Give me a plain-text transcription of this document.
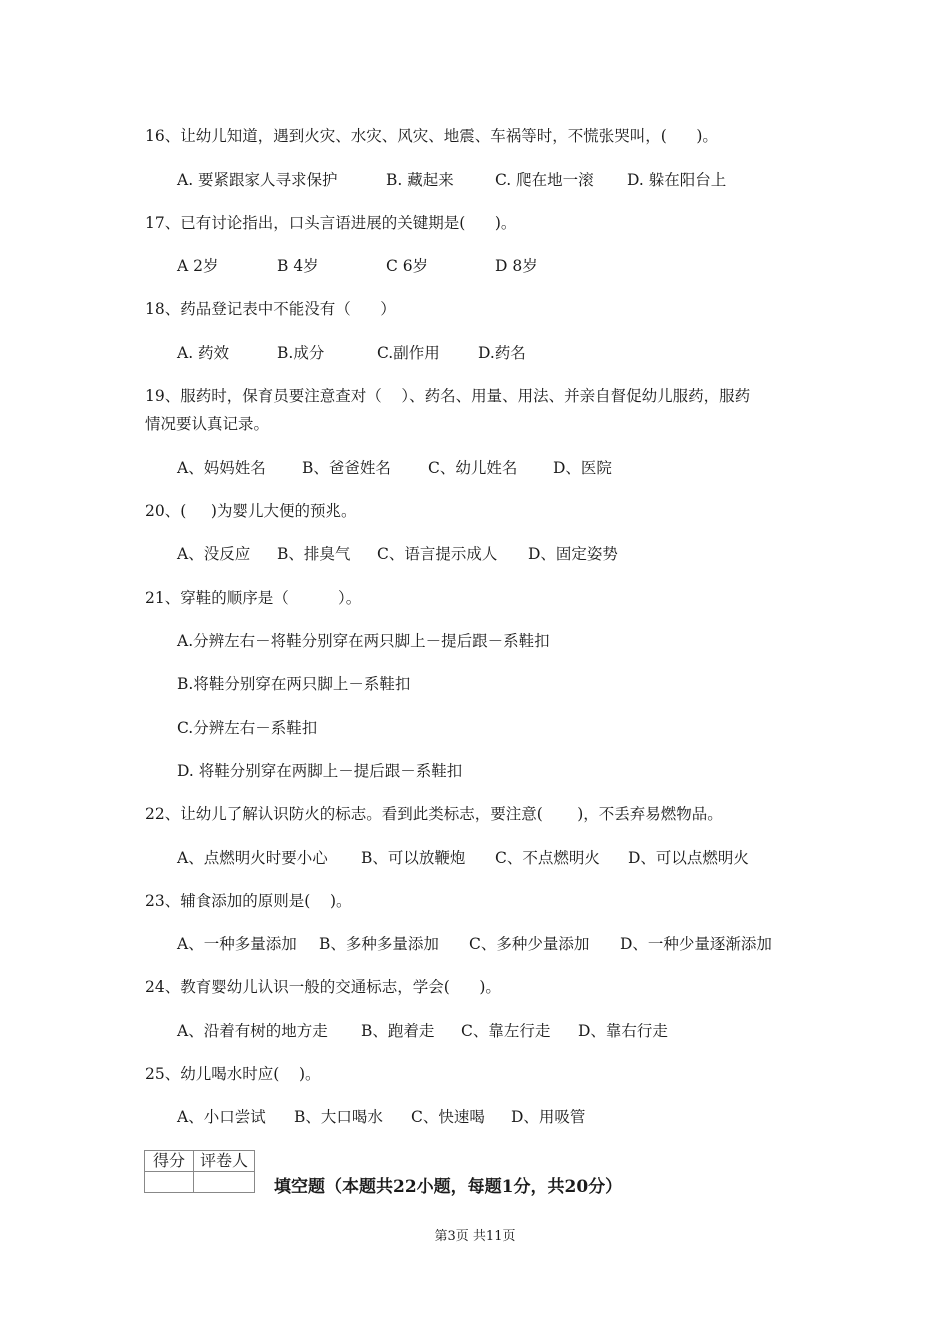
16、让幼儿知道，遇到火灾、水灾、风灾、地震、车祸等时，不慌张哭叫，(      )。

A. 要紧跟家人寻求保护

	B. 藏起来

	C. 爬在地一滚

D. 躲在阳台上

17、已有讨论指出，口头言语进展的关键期是(      )。

A 2岁

	B 4岁

	C 6岁

	D 8岁

18、药品登记表中不能没有（      ）

A. 药效

	B.成分

	C.副作用

D.药名

19、服药时，保育员要注意查对（    ）、药名、用量、用法、并亲自督促幼儿服药，服药
情况要认真记录。

A、妈妈姓名

B、爸爸姓名

C、幼儿姓名

D、医院

20、(     )为婴儿大便的预兆。

A、没反应

B、排臭气

C、语言提示成人

D、固定姿势

21、穿鞋的顺序是（          ）。
A.分辨左右－将鞋分别穿在两只脚上－提后跟－系鞋扣
B.将鞋分别穿在两只脚上－系鞋扣
C.分辨左右－系鞋扣
D. 将鞋分别穿在两脚上－提后跟－系鞋扣
22、让幼儿了解认识防火的标志。看到此类标志，要注意(       )，不丢弃易燃物品。

A、点燃明火时要小心

B、可以放鞭炮

C、不点燃明火

D、可以点燃明火

23、辅食添加的原则是(    )。

A、一种多量添加

B、多种多量添加

C、多种少量添加

D、一种少量逐渐添加

24、教育婴幼儿认识一般的交通标志，学会(      )。

A、沿着有树的地方走

B、跑着走

C、靠左行走

D、靠右行走

25、幼儿喝水时应(    )。

A、小口尝试

B、大口喝水

C、快速喝

D、用吸管

得分	评卷人

填空题（本题共22小题，每题1分，共20分）
第3页 共11页
